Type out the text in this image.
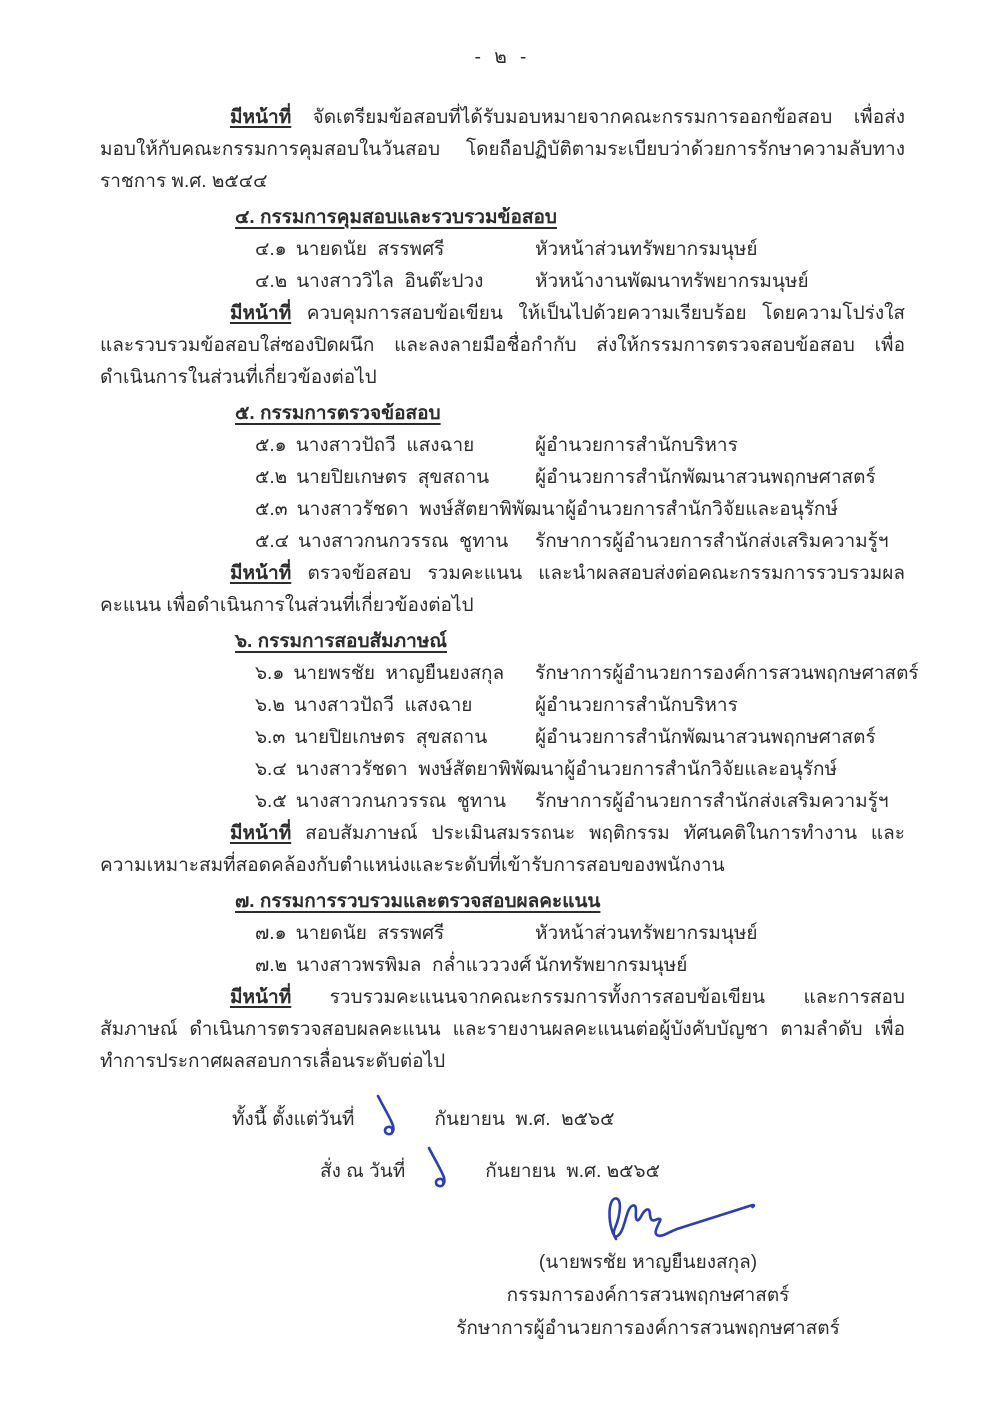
- ๒ -

มีหน้าที่ จัดเตรียมข้อสอบที่ได้รับมอบหมายจากคณะกรรมการออกข้อสอบ เพื่อส่งมอบให้กับคณะกรรมการคุมสอบในวันสอบ โดยถือปฏิบัติตามระเบียบว่าด้วยการรักษาความลับทางราชการ พ.ศ. ๒๕๔๔

๔. กรรมการคุมสอบและรวบรวมข้อสอบ
๔.๑ นายดนัย  สรรพศรี	หัวหน้าส่วนทรัพยากรมนุษย์
๔.๒ นางสาววิไล  อินต๊ะปวง	หัวหน้างานพัฒนาทรัพยากรมนุษย์

มีหน้าที่ ควบคุมการสอบข้อเขียน ให้เป็นไปด้วยความเรียบร้อย โดยความโปร่งใส และรวบรวมข้อสอบใส่ซองปิดผนึก และลงลายมือชื่อกำกับ ส่งให้กรรมการตรวจสอบข้อสอบ เพื่อดำเนินการในส่วนที่เกี่ยวข้องต่อไป

๕. กรรมการตรวจข้อสอบ
๕.๑ นางสาวปัถวี  แสงฉาย	ผู้อำนวยการสำนักบริหาร
๕.๒ นายปิยเกษตร  สุขสถาน ผู้อำนวยการสำนักพัฒนาสวนพฤกษศาสตร์
๕.๓ นางสาวรัชดา  พงษ์สัตยาพิพัฒนา ผู้อำนวยการสำนักวิจัยและอนุรักษ์
๕.๔ นางสาวกนกวรรณ  ชูทาน รักษาการผู้อำนวยการสำนักส่งเสริมความรู้ฯ

มีหน้าที่ ตรวจข้อสอบ รวมคะแนน และนำผลสอบส่งต่อคณะกรรมการรวบรวมผลคะแนน เพื่อดำเนินการในส่วนที่เกี่ยวข้องต่อไป

๖. กรรมการสอบสัมภาษณ์
๖.๑ นายพรชัย  หาญยืนยงสกุล รักษาการผู้อำนวยการองค์การสวนพฤกษศาสตร์
๖.๒ นางสาวปัถวี  แสงฉาย	ผู้อำนวยการสำนักบริหาร
๖.๓ นายปิยเกษตร  สุขสถาน	ผู้อำนวยการสำนักพัฒนาสวนพฤกษศาสตร์
๖.๔ นางสาวรัชดา  พงษ์สัตยาพิพัฒนา ผู้อำนวยการสำนักวิจัยและอนุรักษ์
๖.๕ นางสาวกนกวรรณ  ชูทาน รักษาการผู้อำนวยการสำนักส่งเสริมความรู้ฯ

มีหน้าที่ สอบสัมภาษณ์ ประเมินสมรรถนะ พฤติกรรม ทัศนคติในการทำงาน และความเหมาะสมที่สอดคล้องกับตำแหน่งและระดับที่เข้ารับการสอบของพนักงาน

๗. กรรมการรวบรวมและตรวจสอบผลคะแนน
๗.๑ นายดนัย  สรรพศรี	หัวหน้าส่วนทรัพยากรมนุษย์
๗.๒ นางสาวพรพิมล  กล่ำแวววงศ์ นักทรัพยากรมนุษย์

มีหน้าที่ รวบรวมคะแนนจากคณะกรรมการทั้งการสอบข้อเขียน และการสอบสัมภาษณ์ ดำเนินการตรวจสอบผลคะแนน และรายงานผลคะแนนต่อผู้บังคับบัญชา ตามลำดับ เพื่อทำการประกาศผลสอบการเลื่อนระดับต่อไป

ทั้งนี้ ตั้งแต่วันที่	กันยายน  พ.ศ.  ๒๕๖๕
สั่ง ณ วันที่	กันยายน  พ.ศ. ๒๕๖๕
(นายพรชัย หาญยืนยงสกุล)
กรรมการองค์การสวนพฤกษศาสตร์
รักษาการผู้อำนวยการองค์การสวนพฤกษศาสตร์
